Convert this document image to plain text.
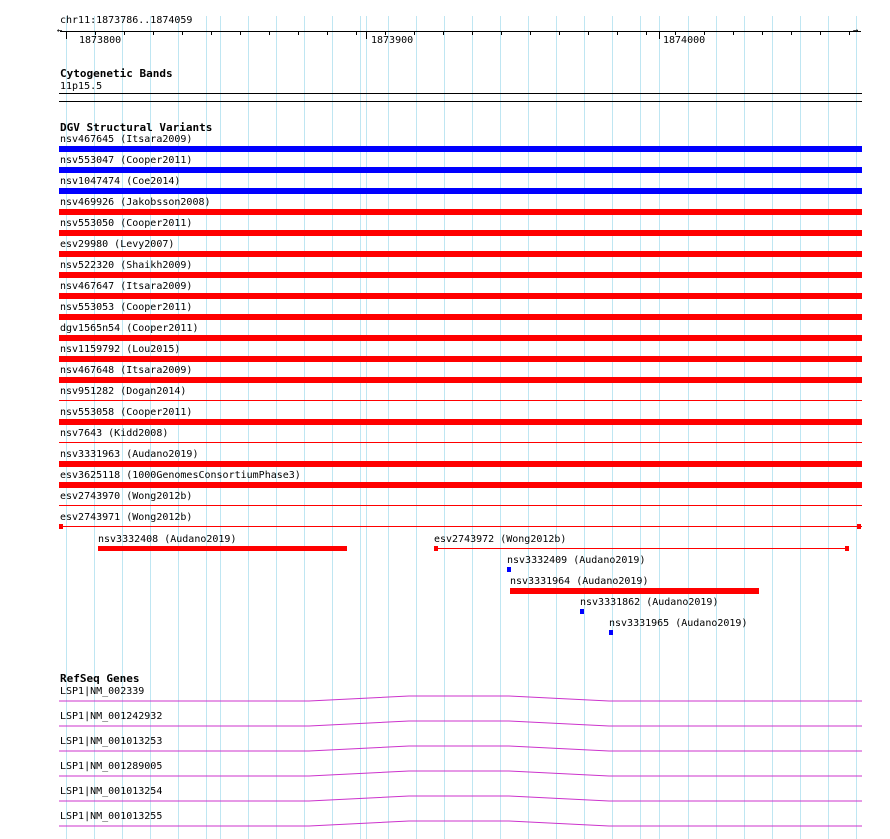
chr11:1873786..1874059
←	→
1873800	1873900	1874000
Cytogenetic Bands
11p15.5
DGV Structural Variants
nsv467645 (Itsara2009)
nsv553047 (Cooper2011)
nsv1047474 (Coe2014)
nsv469926 (Jakobsson2008)
nsv553050 (Cooper2011)
esv29980 (Levy2007)
nsv522320 (Shaikh2009)
nsv467647 (Itsara2009)
nsv553053 (Cooper2011)
dgv1565n54 (Cooper2011)
nsv1159792 (Lou2015)
nsv467648 (Itsara2009)
nsv951282 (Dogan2014)
nsv553058 (Cooper2011)
nsv7643 (Kidd2008)
nsv3331963 (Audano2019)
esv3625118 (1000GenomesConsortiumPhase3)
esv2743970 (Wong2012b)
esv2743971 (Wong2012b)
nsv3332408 (Audano2019)	esv2743972 (Wong2012b)
nsv3332409 (Audano2019)
nsv3331964 (Audano2019)
nsv3331862 (Audano2019)
nsv3331965 (Audano2019)
RefSeq Genes
LSP1|NM_002339
LSP1|NM_001242932
LSP1|NM_001013253
LSP1|NM_001289005
LSP1|NM_001013254
LSP1|NM_001013255
